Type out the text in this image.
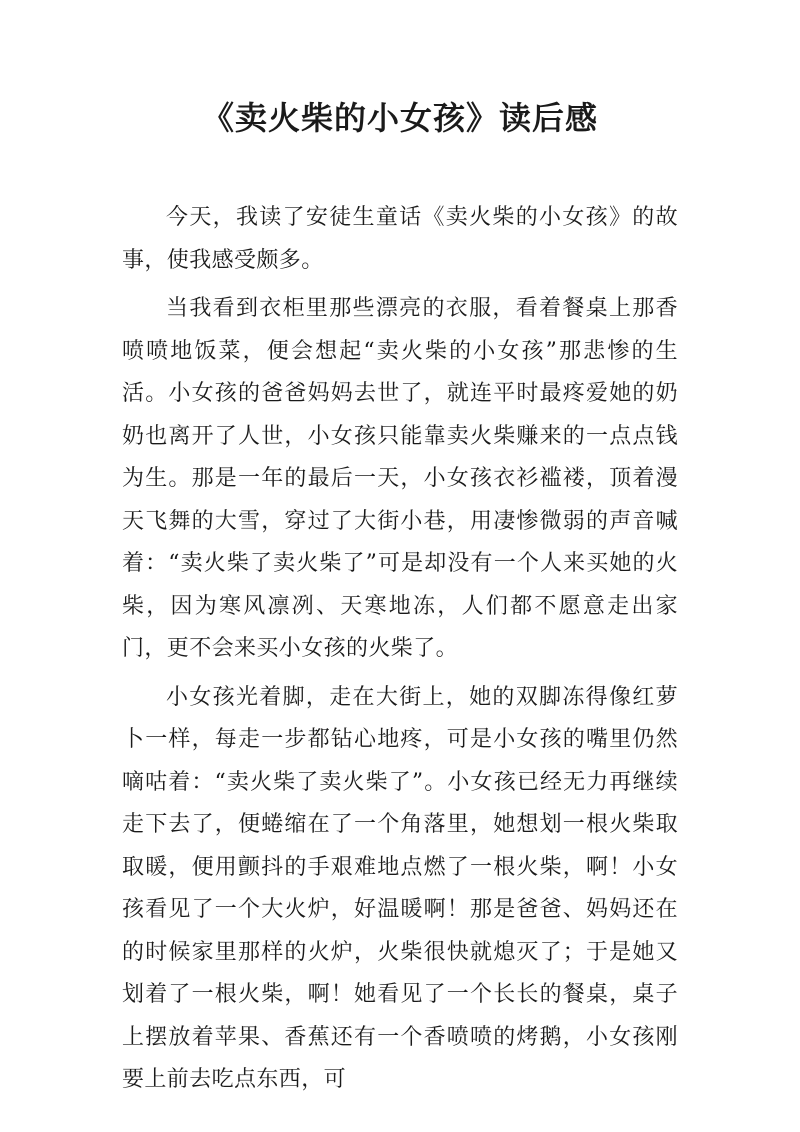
《卖火柴的小女孩》读后感

今天，我读了安徒生童话《卖火柴的小女孩》的故事，使我感受颇多。

当我看到衣柜里那些漂亮的衣服，看着餐桌上那香喷喷地饭菜，便会想起“卖火柴的小女孩”那悲惨的生活。小女孩的爸爸妈妈去世了，就连平时最疼爱她的奶奶也离开了人世，小女孩只能靠卖火柴赚来的一点点钱为生。那是一年的最后一天，小女孩衣衫褴褛，顶着漫天飞舞的大雪，穿过了大街小巷，用凄惨微弱的声音喊着：“卖火柴了卖火柴了”可是却没有一个人来买她的火柴，因为寒风凛冽、天寒地冻，人们都不愿意走出家门，更不会来买小女孩的火柴了。

小女孩光着脚，走在大街上，她的双脚冻得像红萝卜一样，每走一步都钻心地疼，可是小女孩的嘴里仍然嘀咕着：“卖火柴了卖火柴了”。小女孩已经无力再继续走下去了，便蜷缩在了一个角落里，她想划一根火柴取取暖，便用颤抖的手艰难地点燃了一根火柴，啊！小女孩看见了一个大火炉，好温暖啊！那是爸爸、妈妈还在的时候家里那样的火炉，火柴很快就熄灭了；于是她又划着了一根火柴，啊！她看见了一个长长的餐桌，桌子上摆放着苹果、香蕉还有一个香喷喷的烤鹅，小女孩刚要上前去吃点东西，可
